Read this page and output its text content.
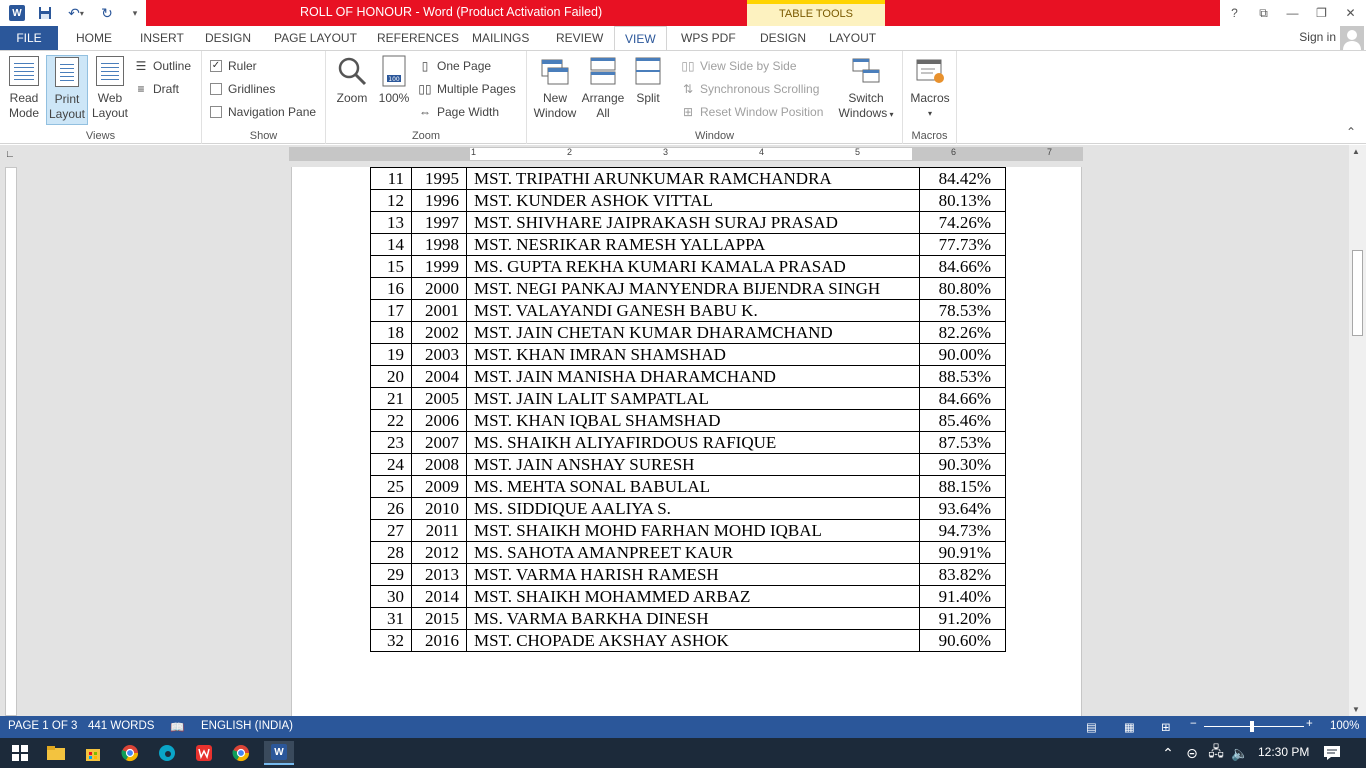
W	↶ ▾ ↻	▾	ROLL OF HONOUR - Word (Product Activation Failed)	TABLE TOOLS	?	⧉	—	❐	✕
FILE	HOME	INSERT	DESIGN	PAGE LAYOUT	REFERENCES	MAILINGS	REVIEW	VIEW	WPS PDF	DESIGN	LAYOUT	Sign in
Read
Mode
Print
Layout
Web
Layout
☰ Outline
≡ Draft
Views
✓ Ruler
Gridlines
Navigation Pane
Show
Zoom
100
100%
▯ One Page
▯▯ Multiple Pages
⇔ Page Width
Zoom
New
Window
Arrange
All
Split
▯▯ View Side by Side
⇅ Synchronous Scrolling
⊞ Reset Window Position
Switch
Windows ▾
Window
Macros
▾
Macros	⌃
∟	1	2	3	4	5	6	7
11	1995	MST. TRIPATHI ARUNKUMAR RAMCHANDRA	84.42%
12	1996	MST. KUNDER ASHOK VITTAL	80.13%
13	1997	MST. SHIVHARE JAIPRAKASH SURAJ PRASAD	74.26%
14	1998	MST. NESRIKAR RAMESH YALLAPPA	77.73%
15	1999	MS. GUPTA REKHA KUMARI KAMALA PRASAD	84.66%
16	2000	MST. NEGI PANKAJ MANYENDRA BIJENDRA SINGH	80.80%
17	2001	MST. VALAYANDI GANESH BABU K.	78.53%
18	2002	MST. JAIN CHETAN KUMAR DHARAMCHAND	82.26%
19	2003	MST. KHAN IMRAN SHAMSHAD	90.00%
20	2004	MST. JAIN MANISHA DHARAMCHAND	88.53%
21	2005	MST. JAIN LALIT SAMPATLAL	84.66%
22	2006	MST. KHAN IQBAL SHAMSHAD	85.46%
23	2007	MS. SHAIKH ALIYAFIRDOUS RAFIQUE	87.53%
24	2008	MST. JAIN ANSHAY SURESH	90.30%
25	2009	MS. MEHTA SONAL BABULAL	88.15%
26	2010	MS. SIDDIQUE AALIYA S.	93.64%
27	2011	MST. SHAIKH MOHD FARHAN MOHD IQBAL	94.73%
28	2012	MS. SAHOTA AMANPREET KAUR	90.91%
29	2013	MST. VARMA HARISH RAMESH	83.82%
30	2014	MST. SHAIKH MOHAMMED ARBAZ	91.40%
31	2015	MS. VARMA BARKHA DINESH	91.20%
32	2016	MST. CHOPADE AKSHAY ASHOK	90.60%
▲
▼
PAGE 1 OF 3 441 WORDS 📖 ENGLISH (INDIA)	▤ ▦ ⊞ −	+ 100%
W	⌃ ⊝ 🖧 🔈 12:30 PM
